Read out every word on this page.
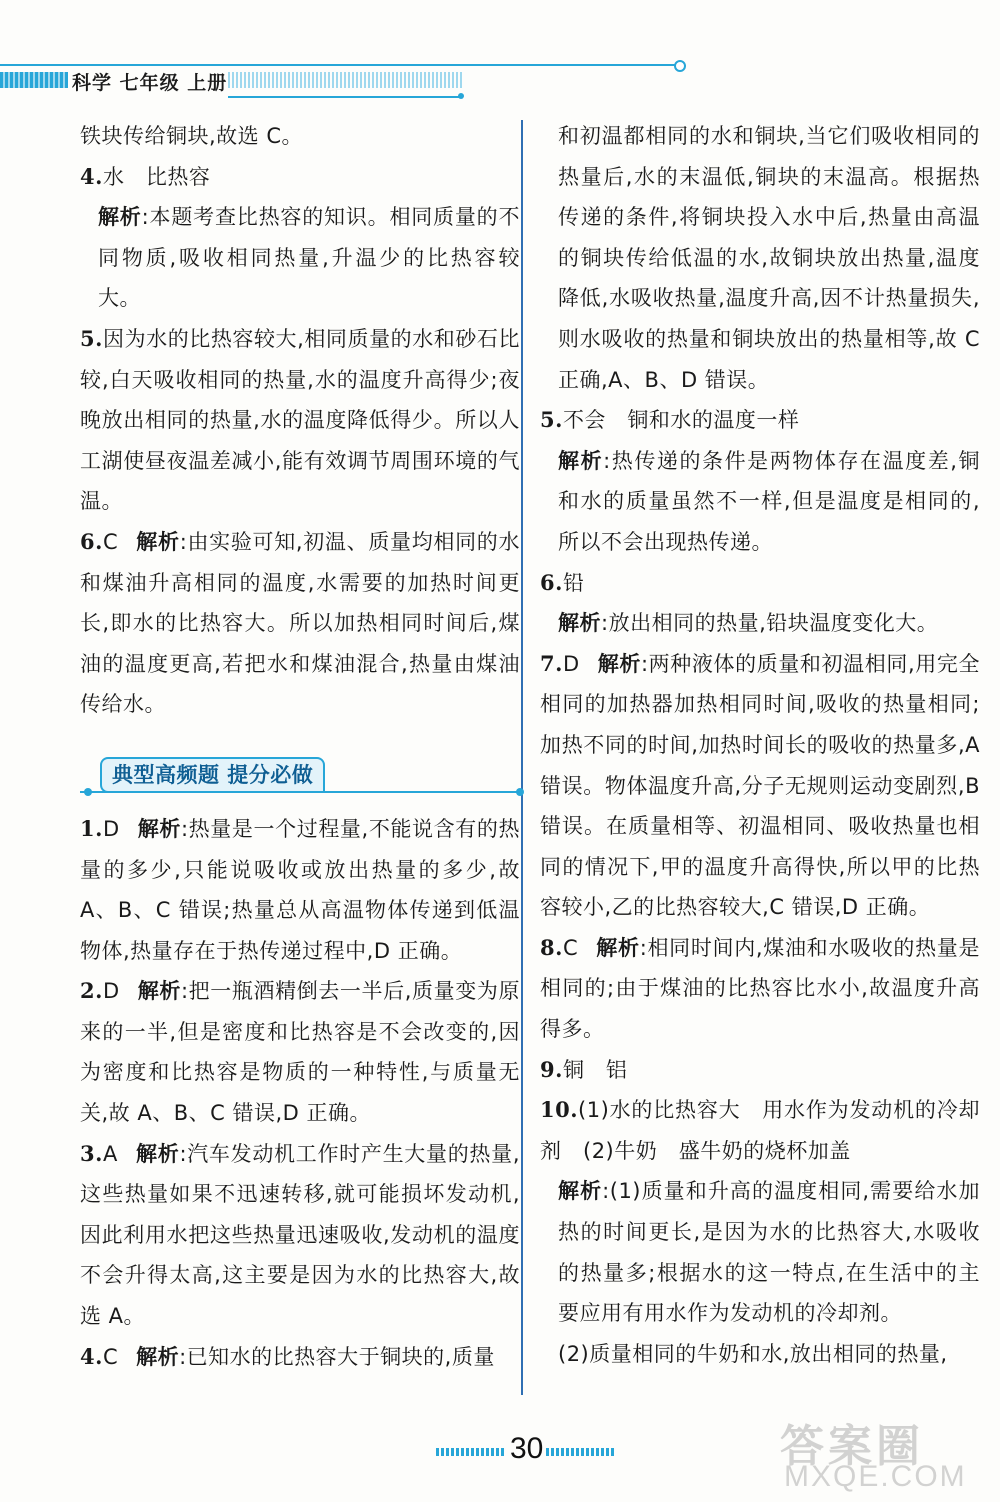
科学 七年级 上册

铁块传给铜块,故选 C。

4.水　比热容

解析:本题考查比热容的知识。相同质量的不同物质,吸收相同热量,升温少的比热容较大。

5.因为水的比热容较大,相同质量的水和砂石比较,白天吸收相同的热量,水的温度升高得少;夜晚放出相同的热量,水的温度降低得少。所以人工湖使昼夜温差减小,能有效调节周围环境的气温。

6.C 解析:由实验可知,初温、质量均相同的水和煤油升高相同的温度,水需要的加热时间更长,即水的比热容大。所以加热相同时间后,煤油的温度更高,若把水和煤油混合,热量由煤油传给水。

典型高频题 提分必做

1.D 解析:热量是一个过程量,不能说含有的热量的多少,只能说吸收或放出热量的多少,故 A、B、C 错误;热量总从高温物体传递到低温物体,热量存在于热传递过程中,D 正确。

2.D 解析:把一瓶酒精倒去一半后,质量变为原来的一半,但是密度和比热容是不会改变的,因为密度和比热容是物质的一种特性,与质量无关,故 A、B、C 错误,D 正确。

3.A 解析:汽车发动机工作时产生大量的热量,这些热量如果不迅速转移,就可能损坏发动机,因此利用水把这些热量迅速吸收,发动机的温度不会升得太高,这主要是因为水的比热容大,故选 A。

4.C 解析:已知水的比热容大于铜块的,质量

和初温都相同的水和铜块,当它们吸收相同的热量后,水的末温低,铜块的末温高。根据热传递的条件,将铜块投入水中后,热量由高温的铜块传给低温的水,故铜块放出热量,温度降低,水吸收热量,温度升高,因不计热量损失,则水吸收的热量和铜块放出的热量相等,故 C 正确,A、B、D 错误。

5.不会　铜和水的温度一样

解析:热传递的条件是两物体存在温度差,铜和水的质量虽然不一样,但是温度是相同的,所以不会出现热传递。

6.铅

解析:放出相同的热量,铅块温度变化大。

7.D 解析:两种液体的质量和初温相同,用完全相同的加热器加热相同时间,吸收的热量相同;加热不同的时间,加热时间长的吸收的热量多,A 错误。物体温度升高,分子无规则运动变剧烈,B 错误。在质量相等、初温相同、吸收热量也相同的情况下,甲的温度升高得快,所以甲的比热容较小,乙的比热容较大,C 错误,D 正确。

8.C 解析:相同时间内,煤油和水吸收的热量是相同的;由于煤油的比热容比水小,故温度升高得多。

9.铜　铝

10.(1)水的比热容大　用水作为发动机的冷却剂　(2)牛奶　盛牛奶的烧杯加盖

解析:(1)质量和升高的温度相同,需要给水加热的时间更长,是因为水的比热容大,水吸收的热量多;根据水的这一特点,在生活中的主要应用有用水作为发动机的冷却剂。

(2)质量相同的牛奶和水,放出相同的热量,

30	答案圈
MXQE.COM
